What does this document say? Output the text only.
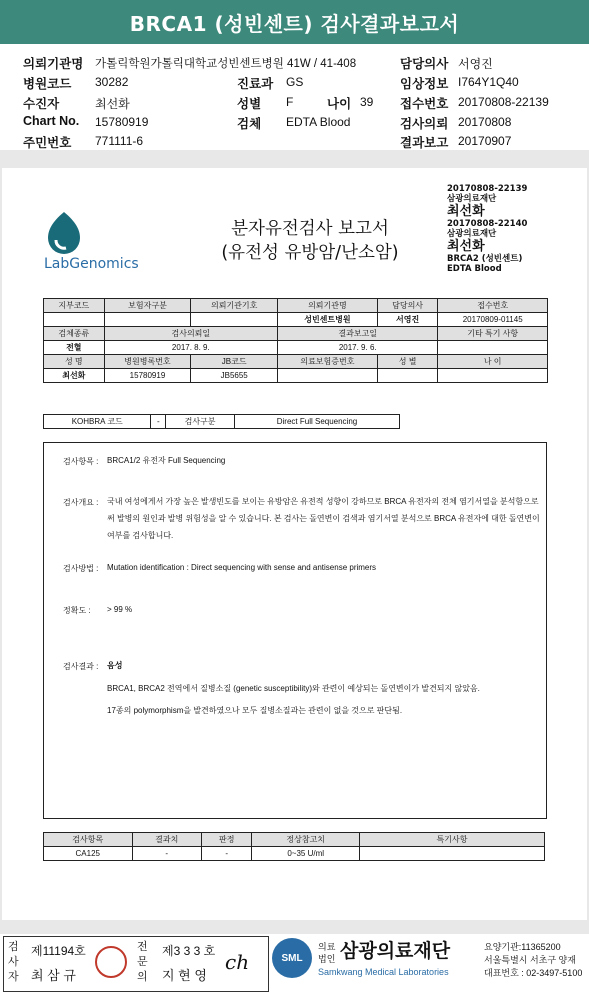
BRCA1 (성빈센트) 검사결과보고서
의뢰기관명 가톨릭학원가톨릭대학교성빈센트병원 41W / 41-408	담당의사 서영진
병원코드 30282	진료과 GS	임상정보 I764Y1Q40
수진자	최선화	성별 F	나이 39 접수번호 20170808-22139
Chart No. 15780919	검체 EDTA Blood	검사의뢰 20170808
주민번호 771111-6	결과보고 20170907
LabGenomics
분자유전검사 보고서
(유전성 유방암/난소암)
20170808-22139
삼광의료재단
최선화
20170808-22140
삼광의료재단
최선화
BRCA2 (성빈센트)
EDTA Blood
지부코드	보험자구분	의뢰기관기호	의뢰기관명	담당의사	접수번호
			성빈센트병원	서영진	20170809-01145
검체종류	검사의뢰일		결과보고일		기타 특기 사항
전혈	2017. 8. 9.		2017. 9. 6.		
성 명	병원병록번호	JB코드	의료보험증번호	성 별	나 이
최선화	15780919	JB5655			
KOHBRA 코드	-	검사구분	Direct Full Sequencing
검사항목 : BRCA1/2 유전자 Full Sequencing
검사개요 : 국내 여성에게서 가장 높은 발생빈도를 보이는 유방암은 유전적 성향이 강하므로 BRCA 유전자의 전체 염기서열을 분석함으로써 발병의 원인과 발병 위험성을 알 수 있습니다. 본 검사는 돌연변이 검색과 염기서열 분석으로 BRCA 유전자에 대한 돌연변이 여부를 검사합니다.
검사방법 : Mutation identification : Direct sequencing with sense and antisense primers
정확도 : > 99 %
검사결과 : 음성
BRCA1, BRCA2 전역에서 질병소질 (genetic susceptibility)와 관련이 예상되는 돌연변이가 발견되지 않았음.
17종의 polymorphism을 발견하였으나 모두 질병소질과는 관련이 없을 것으로 판단됨.
검사항목	결과치	판정	정상참고치	특기사항
CA125	-	-	0~35 U/ml	
검사자
제11194호
최 삼 규
전문의
제3 3 3 호
지 현 영
ch	SML
의료
법인 삼광의료재단
Samkwang Medical Laboratories
요양기관:11365200
서울특별시 서초구 양재
대표번호 : 02-3497-5100
